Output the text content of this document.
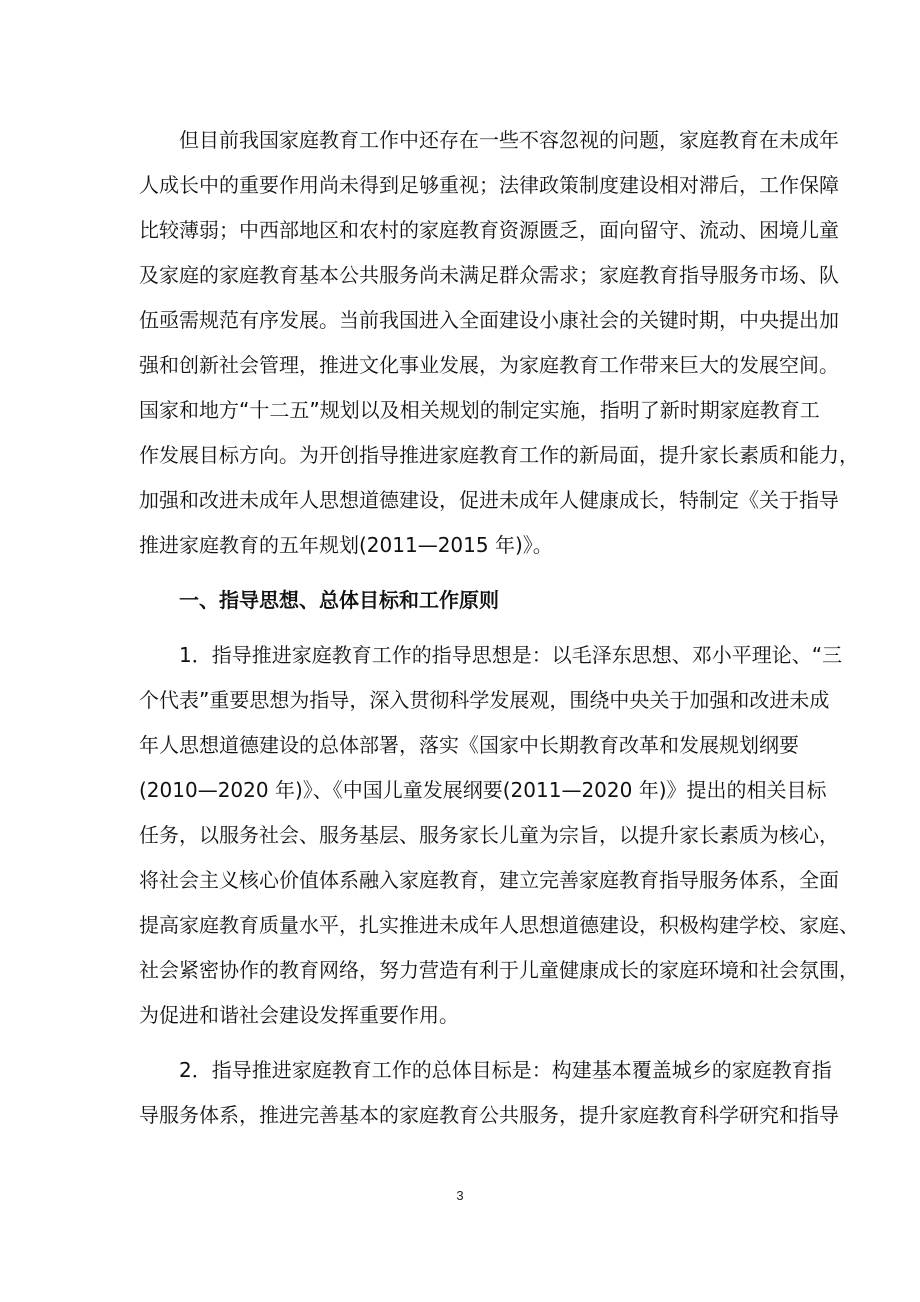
但目前我国家庭教育工作中还存在一些不容忽视的问题，家庭教育在未成年
人成长中的重要作用尚未得到足够重视；法律政策制度建设相对滞后，工作保障
比较薄弱；中西部地区和农村的家庭教育资源匮乏，面向留守、流动、困境儿童
及家庭的家庭教育基本公共服务尚未满足群众需求；家庭教育指导服务市场、队
伍亟需规范有序发展。当前我国进入全面建设小康社会的关键时期，中央提出加
强和创新社会管理，推进文化事业发展，为家庭教育工作带来巨大的发展空间。
国家和地方“十二五”规划以及相关规划的制定实施，指明了新时期家庭教育工
作发展目标方向。为开创指导推进家庭教育工作的新局面，提升家长素质和能力，
加强和改进未成年人思想道德建设，促进未成年人健康成长，特制定《关于指导
推进家庭教育的五年规划(2011—2015 年)》。
一、指导思想、总体目标和工作原则
1．指导推进家庭教育工作的指导思想是：以毛泽东思想、邓小平理论、“三
个代表”重要思想为指导，深入贯彻科学发展观，围绕中央关于加强和改进未成
年人思想道德建设的总体部署，落实《国家中长期教育改革和发展规划纲要
(2010—2020 年)》、《中国儿童发展纲要(2011—2020 年)》提出的相关目标
任务，以服务社会、服务基层、服务家长儿童为宗旨，以提升家长素质为核心，
将社会主义核心价值体系融入家庭教育，建立完善家庭教育指导服务体系，全面
提高家庭教育质量水平，扎实推进未成年人思想道德建设，积极构建学校、家庭、
社会紧密协作的教育网络，努力营造有利于儿童健康成长的家庭环境和社会氛围，
为促进和谐社会建设发挥重要作用。
2．指导推进家庭教育工作的总体目标是：构建基本覆盖城乡的家庭教育指
导服务体系，推进完善基本的家庭教育公共服务，提升家庭教育科学研究和指导
3
